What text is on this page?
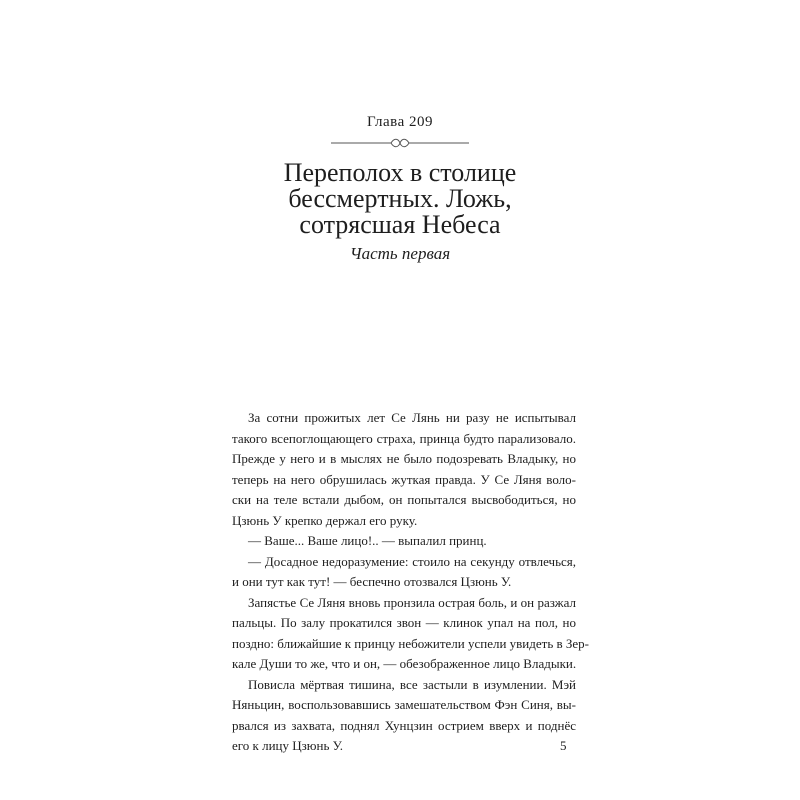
Глава 209
Переполох в столице
бессмертных. Ложь,
сотрясшая Небеса
Часть первая
За сотни прожитых лет Се Лянь ни разу не испытывал
такого всепоглощающего страха, принца будто парализовало.
Прежде у него и в мыслях не было подозревать Владыку, но
теперь на него обрушилась жуткая правда. У Се Ляня воло-
ски на теле встали дыбом, он попытался высвободиться, но
Цзюнь У крепко держал его руку.
— Ваше... Ваше лицо!.. — выпалил принц.
— Досадное недоразумение: стоило на секунду отвлечься,
и они тут как тут! — беспечно отозвался Цзюнь У.
Запястье Се Ляня вновь пронзила острая боль, и он разжал
пальцы. По залу прокатился звон — клинок упал на пол, но
поздно: ближайшие к принцу небожители успели увидеть в Зер-
кале Души то же, что и он, — обезображенное лицо Владыки.
Повисла мёртвая тишина, все застыли в изумлении. Мэй
Няньцин, воспользовавшись замешательством Фэн Синя, вы-
рвался из захвата, поднял Хунцзин острием вверх и поднёс
его к лицу Цзюнь У.	5
